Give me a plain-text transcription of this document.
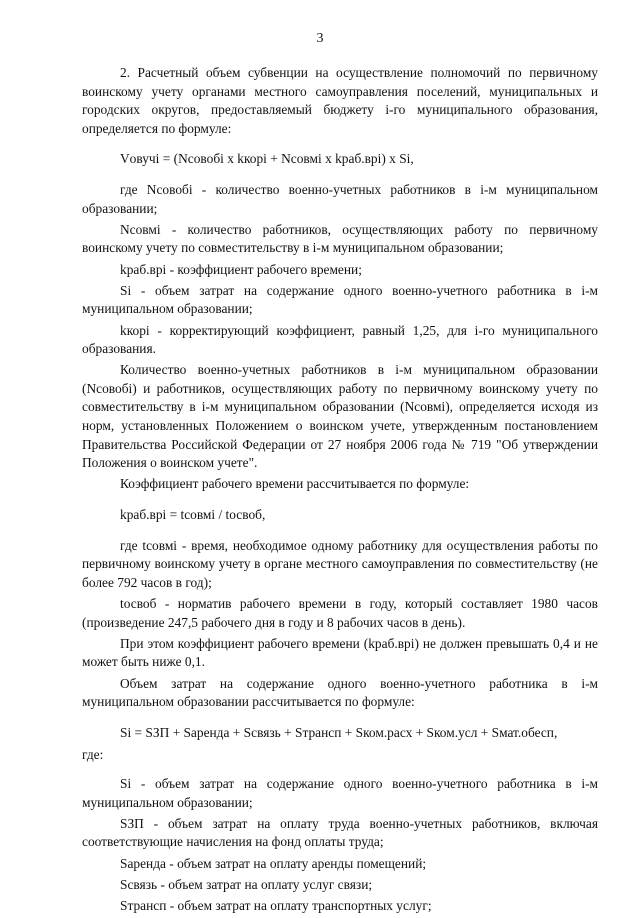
3

2. Расчетный объем субвенции на осуществление полномочий по первичному воинскому учету органами местного самоуправления поселений, муниципальных и городских округов, предоставляемый бюджету i-го муниципального образования, определяется по формуле:

Vовучi = (Nсовобi x kкорi + Nсовмi x kраб.врi) x Si,

где Nсовобi - количество военно-учетных работников в i-м муниципальном образовании;

Nсовмi - количество работников, осуществляющих работу по первичному воинскому учету по совместительству в i-м муниципальном образовании;

kраб.врi - коэффициент рабочего времени;

Si - объем затрат на содержание одного военно-учетного работника в i-м муниципальном образовании;

kкорi - корректирующий коэффициент, равный 1,25, для i-го муниципального образования.

Количество военно-учетных работников в i-м муниципальном образовании (Nсовобi) и работников, осуществляющих работу по первичному воинскому учету по совместительству в i-м муниципальном образовании (Nсовмi), определяется исходя из норм, установленных Положением о воинском учете, утвержденным постановлением Правительства Российской Федерации от 27 ноября 2006 года № 719 "Об утверждении Положения о воинском учете".

Коэффициент рабочего времени рассчитывается по формуле:

kраб.врi = tсовмi / tосвоб,

где tсовмi - время, необходимое одному работнику для осуществления работы по первичному воинскому учету в органе местного самоуправления по совместительству (не более 792 часов в год);

tосвоб - норматив рабочего времени в году, который составляет 1980 часов (произведение 247,5 рабочего дня в году и 8 рабочих часов в день).

При этом коэффициент рабочего времени (kраб.врi) не должен превышать 0,4 и не может быть ниже 0,1.

Объем затрат на содержание одного военно-учетного работника в i-м муниципальном образовании рассчитывается по формуле:

Si = SЗП + Sаренда + Sсвязь + Sтрансп + Sком.расх + Sком.усл + Sмат.обесп,

где:

Si - объем затрат на содержание одного военно-учетного работника в i-м муниципальном образовании;

SЗП - объем затрат на оплату труда военно-учетных работников, включая соответствующие начисления на фонд оплаты труда;

Sаренда - объем затрат на оплату аренды помещений;

Sсвязь - объем затрат на оплату услуг связи;

Sтрансп - объем затрат на оплату транспортных услуг;
